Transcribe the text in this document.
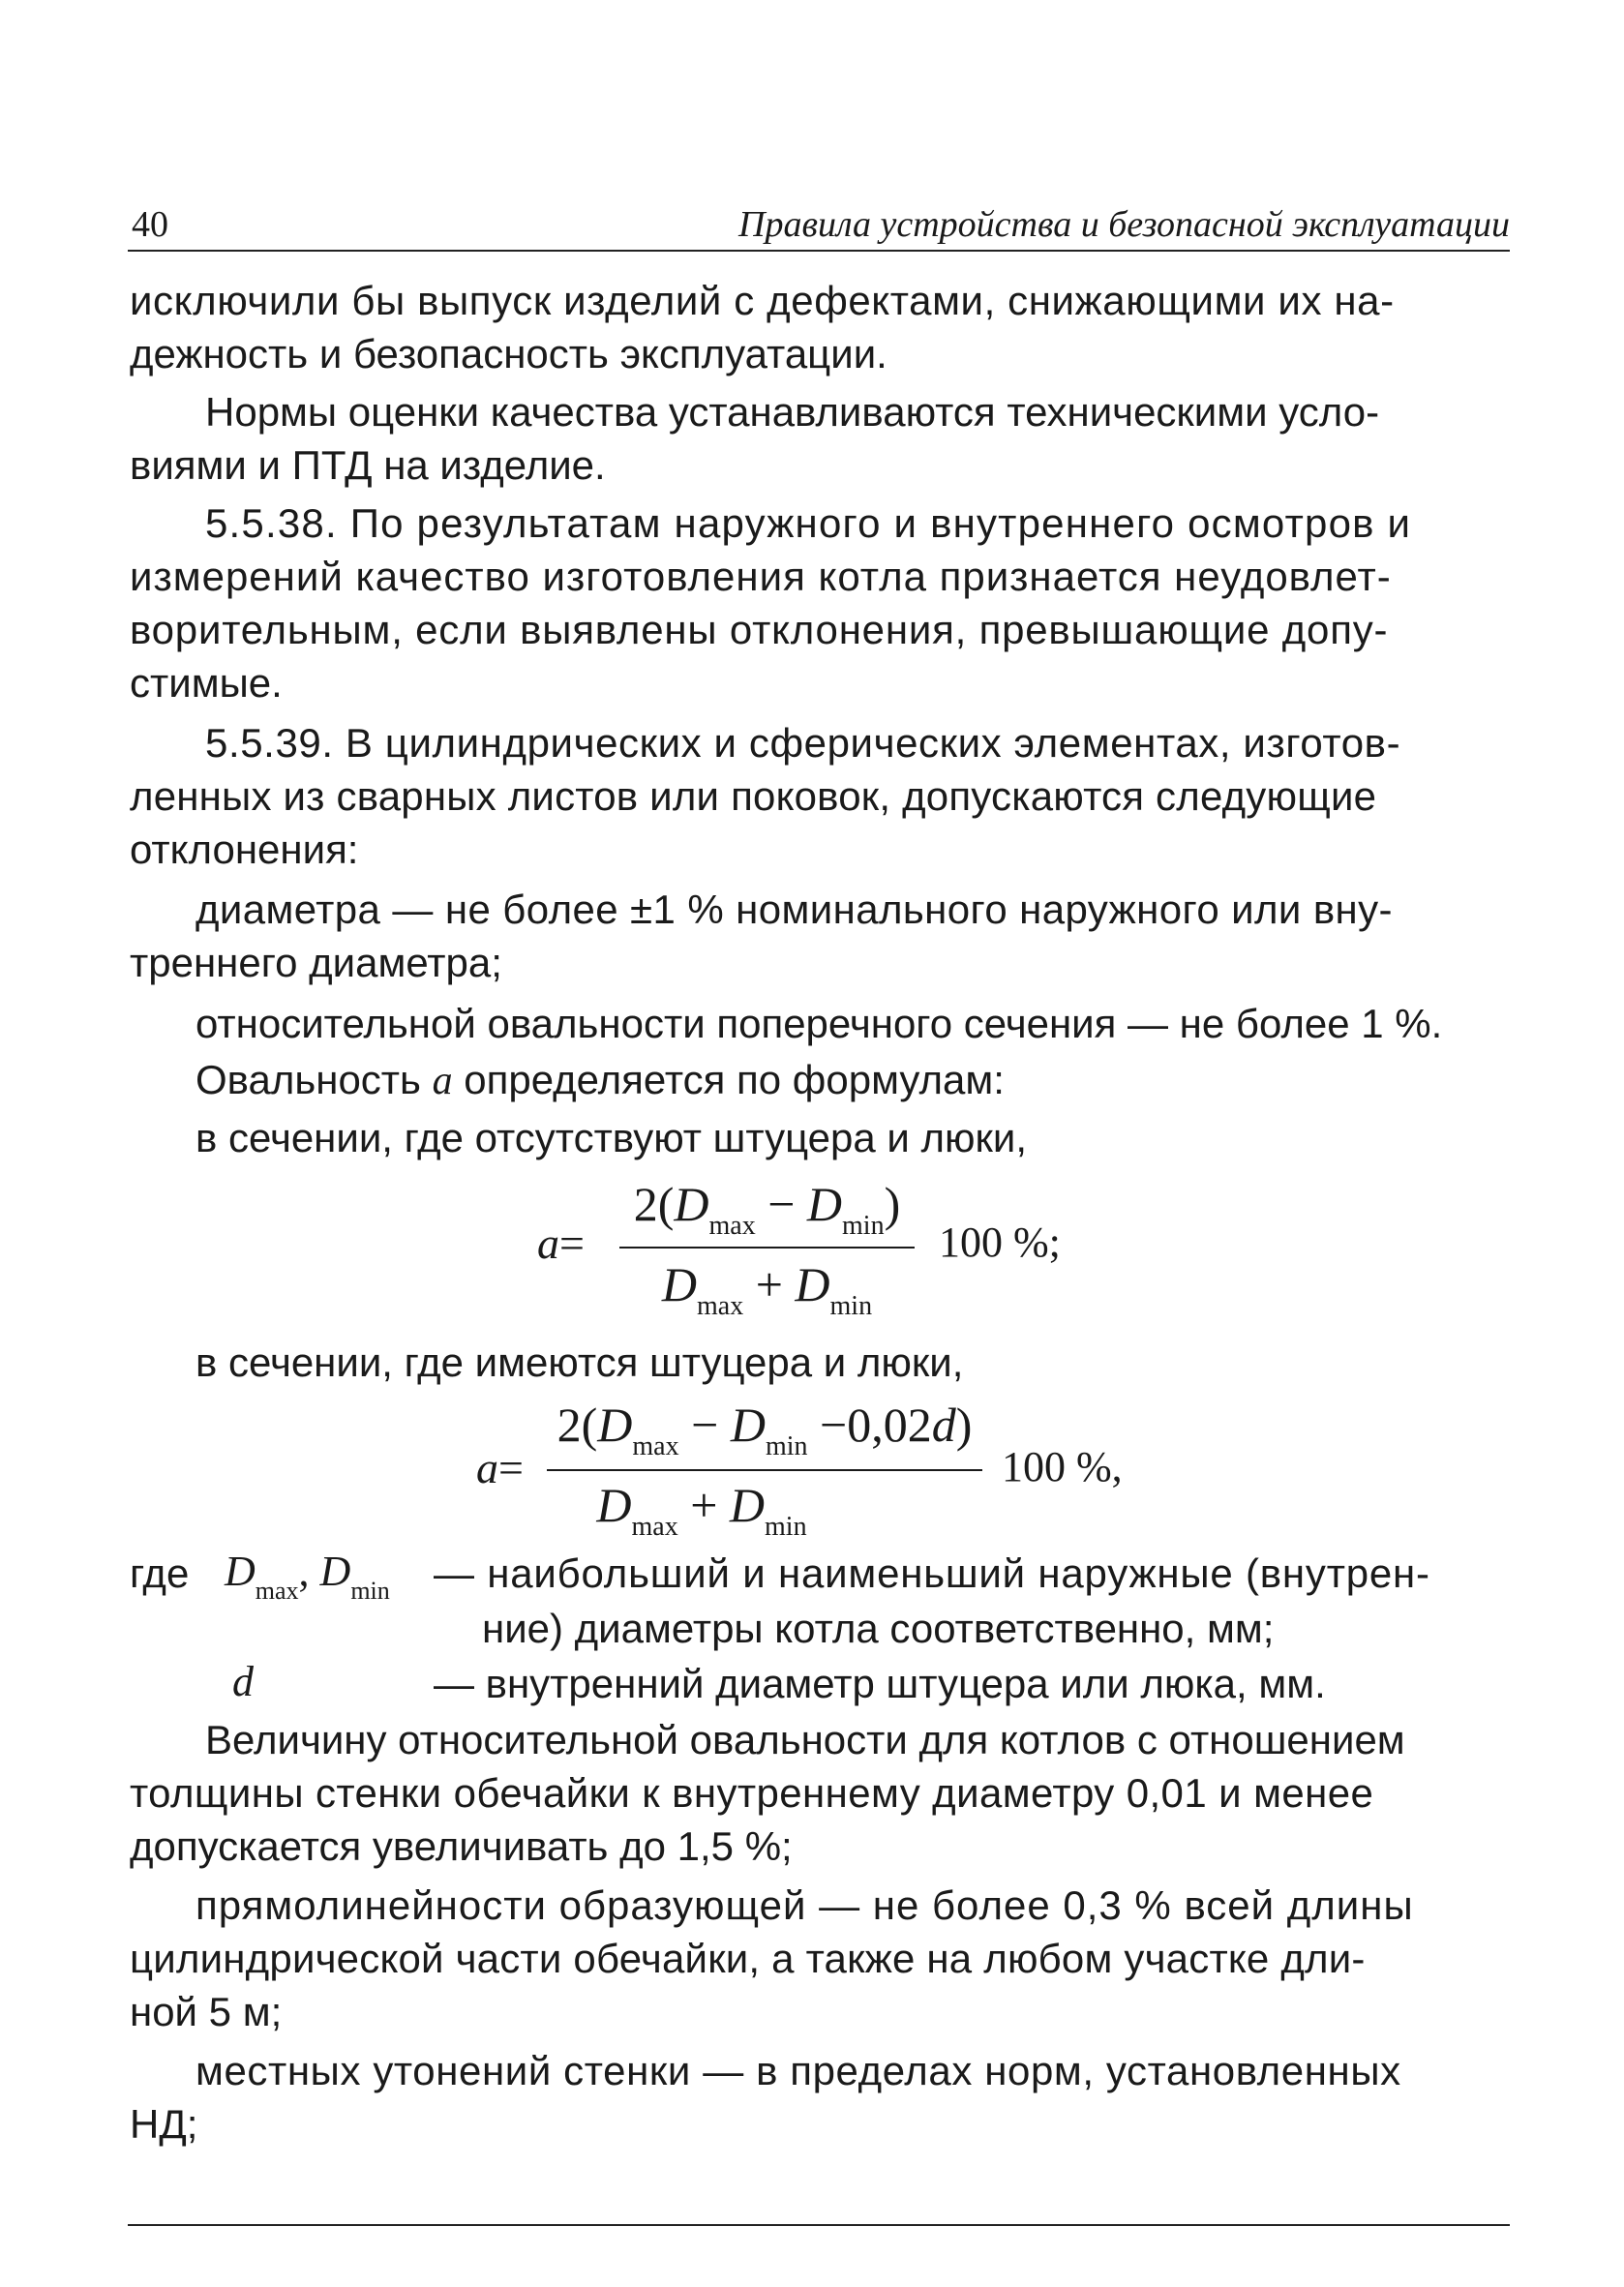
40	Правила устройства и безопасной эксплуатации
исключили бы выпуск изделий с дефектами, снижающими их на-
дежность и безопасность эксплуатации.
Нормы оценки качества устанавливаются техническими усло-
виями и ПТД на изделие.
5.5.38. По результатам наружного и внутреннего осмотров и
измерений качество изготовления котла признается неудовлет-
ворительным, если выявлены отклонения, превышающие допу-
стимые.
5.5.39. В цилиндрических и сферических элементах, изготов-
ленных из сварных листов или поковок, допускаются следующие
отклонения:
диаметра — не более ±1 % номинального наружного или вну-
треннего диаметра;
относительной овальности поперечного сечения — не более 1 %.
Овальность a определяется по формулам:
в сечении, где отсутствуют штуцера и люки,
a=
$2(D_{max} - D_{min})$
$D_{max} + D_{min}$
100 %;
в сечении, где имеются штуцера и люки,
a=
$2(D_{max} - D_{min} -0,02d)$
$D_{max} + D_{min}$
100 %,
где $D_{max}$, $D_{min}$ — наибольший и наименьший наружные (внутрен-
ние) диаметры котла соответственно, мм;
d	— внутренний диаметр штуцера или люка, мм.
Величину относительной овальности для котлов с отношением
толщины стенки обечайки к внутреннему диаметру 0,01 и менее
допускается увеличивать до 1,5 %;
прямолинейности образующей — не более 0,3 % всей длины
цилиндрической части обечайки, а также на любом участке дли-
ной 5 м;
местных утонений стенки — в пределах норм, установленных
НД;
